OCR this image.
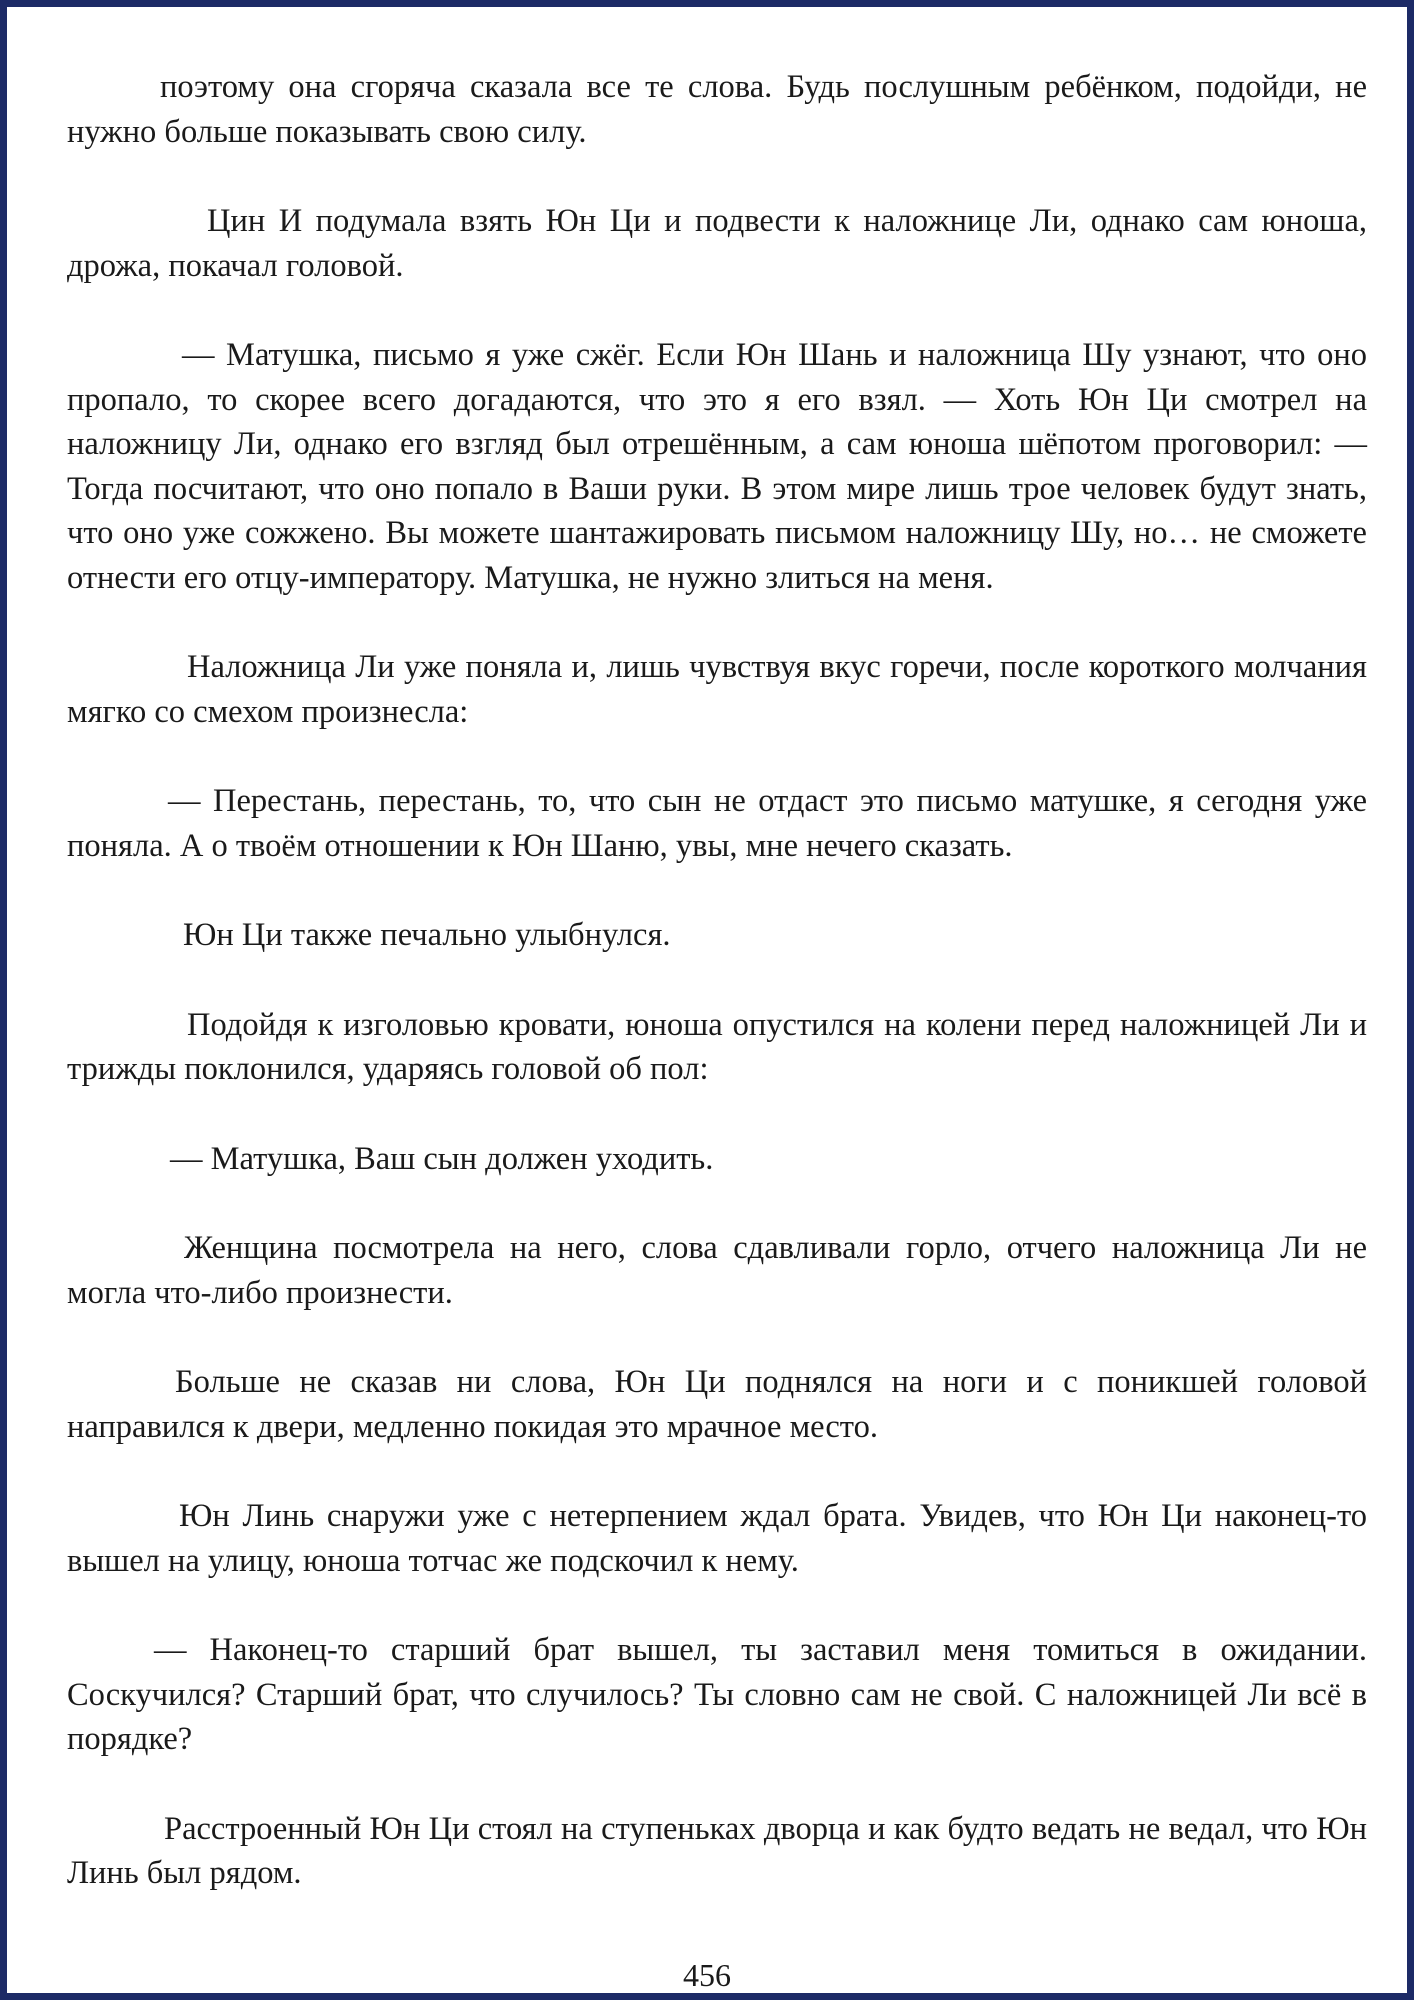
поэтому она сгоряча сказала все те слова. Будь послушным ребёнком, подойди, не нужно больше показывать свою силу.

Цин И подумала взять Юн Ци и подвести к наложнице Ли, однако сам юноша, дрожа, покачал головой.

— Матушка, письмо я уже сжёг. Если Юн Шань и наложница Шу узнают, что оно пропало, то скорее всего догадаются, что это я его взял. — Хоть Юн Ци смотрел на наложницу Ли, однако его взгляд был отрешённым, а сам юноша шёпотом проговорил: — Тогда посчитают, что оно попало в Ваши руки. В этом мире лишь трое человек будут знать, что оно уже сожжено. Вы можете шантажировать письмом наложницу Шу, но… не сможете отнести его отцу-императору. Матушка, не нужно злиться на меня.

Наложница Ли уже поняла и, лишь чувствуя вкус горечи, после короткого молчания мягко со смехом произнесла:

— Перестань, перестань, то, что сын не отдаст это письмо матушке, я сегодня уже поняла. А о твоём отношении к Юн Шаню, увы, мне нечего сказать.

Юн Ци также печально улыбнулся.

Подойдя к изголовью кровати, юноша опустился на колени перед наложницей Ли и трижды поклонился, ударяясь головой об пол:

— Матушка, Ваш сын должен уходить.

Женщина посмотрела на него, слова сдавливали горло, отчего наложница Ли не могла что-либо произнести.

Больше не сказав ни слова, Юн Ци поднялся на ноги и с поникшей головой направился к двери, медленно покидая это мрачное место.

Юн Линь снаружи уже с нетерпением ждал брата. Увидев, что Юн Ци наконец-то вышел на улицу, юноша тотчас же подскочил к нему.

— Наконец-то старший брат вышел, ты заставил меня томиться в ожидании. Соскучился? Старший брат, что случилось? Ты словно сам не свой. С наложницей Ли всё в порядке?

Расстроенный Юн Ци стоял на ступеньках дворца и как будто ведать не ведал, что Юн Линь был рядом.

456
